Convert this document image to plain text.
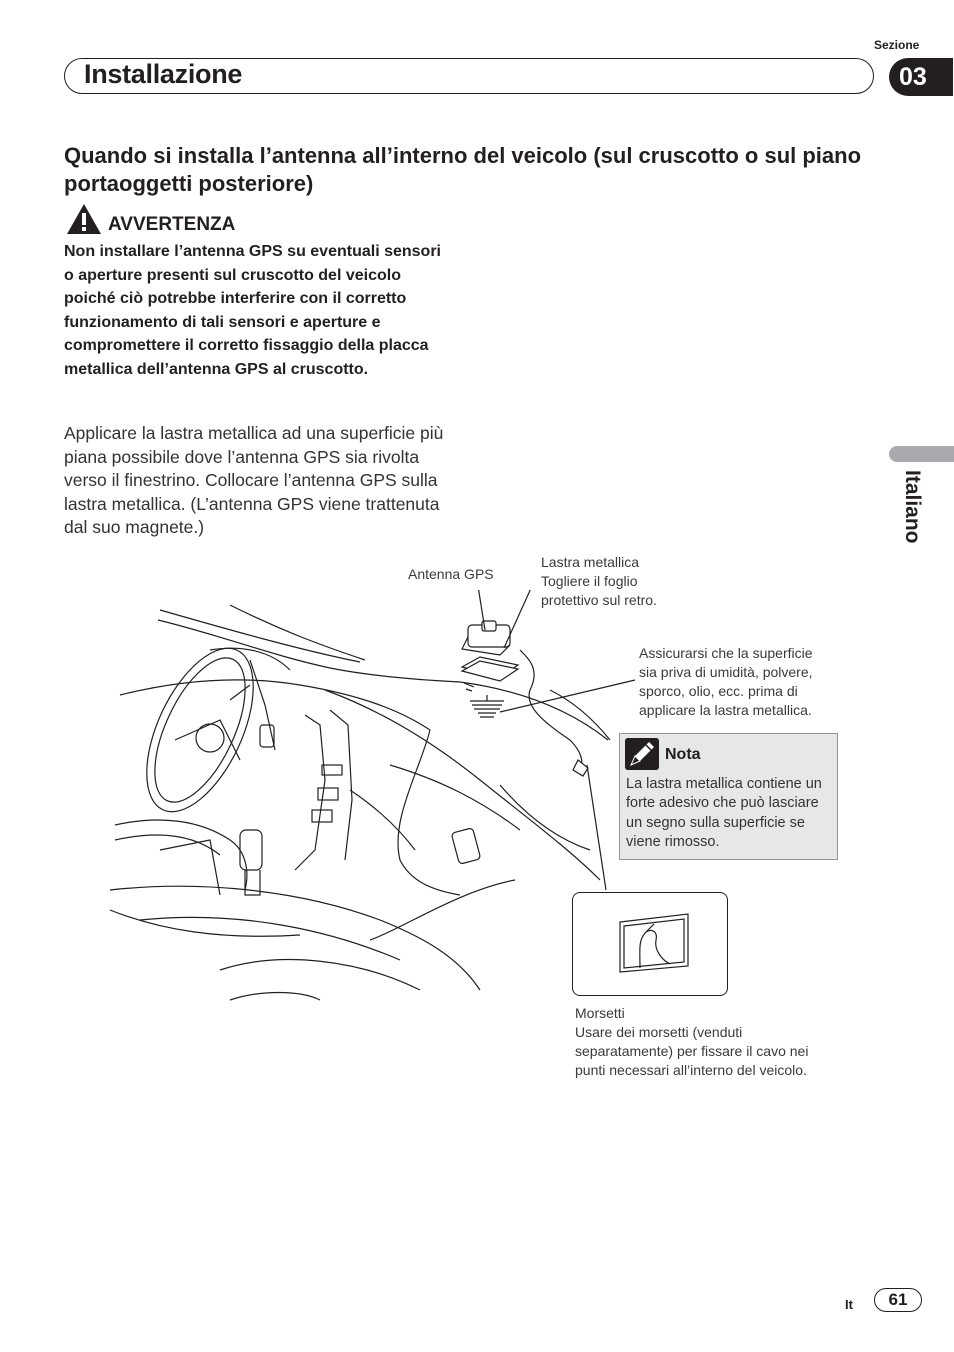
Sezione
Installazione	03
Italiano
Quando si installa l’antenna all’interno del veicolo (sul cruscotto o sul piano portaoggetti posteriore)
AVVERTENZA
Non installare l’antenna GPS su eventuali sensori o aperture presenti sul cruscotto del veicolo poiché ciò potrebbe interferire con il corretto funzionamento di tali sensori e aperture e compromettere il corretto fissaggio della placca metallica dell’antenna GPS al cruscotto.
Applicare la lastra metallica ad una superficie più piana possibile dove l’antenna GPS sia rivolta verso il finestrino. Collocare l’antenna GPS sulla lastra metallica. (L’antenna GPS viene trattenuta dal suo magnete.)
Antenna GPS
Lastra metallica
Togliere il foglio
protettivo sul retro.
Assicurarsi che la superficie
sia priva di umidità, polvere,
sporco, olio, ecc. prima di
applicare la lastra metallica.
Nota
La lastra metallica contiene un forte adesivo che può lasciare un segno sulla superficie se viene rimosso.
Morsetti
Usare dei morsetti (venduti
separatamente) per fissare il cavo nei
punti necessari all’interno del veicolo.
It	61
